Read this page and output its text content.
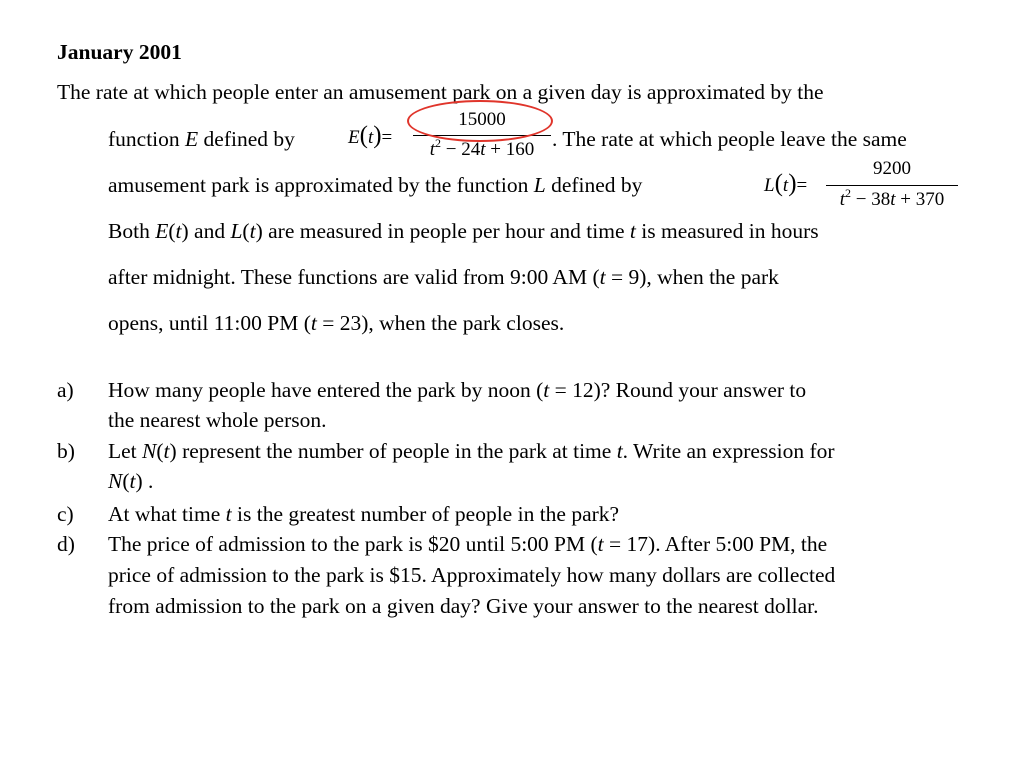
January 2001
The rate at which people enter an amusement park on a given day is approximated by the
function E defined by	E(t)=
15000
$t^2 - 24t + 160$ . The rate at which people leave the same
amusement park is approximated by the function L defined by	L(t)=
9200
$t^2 - 38t + 370$
Both E(t) and L(t) are measured in people per hour and time t is measured in hours
after midnight. These functions are valid from 9:00 AM (t = 9), when the park
opens, until 11:00 PM (t = 23), when the park closes.
a) How many people have entered the park by noon (t = 12)? Round your answer to
the nearest whole person.
b) Let N(t) represent the number of people in the park at time t. Write an expression for
N(t) .
c) At what time t is the greatest number of people in the park?
d) The price of admission to the park is $20 until 5:00 PM (t = 17). After 5:00 PM, the
price of admission to the park is $15. Approximately how many dollars are collected
from admission to the park on a given day? Give your answer to the nearest dollar.
